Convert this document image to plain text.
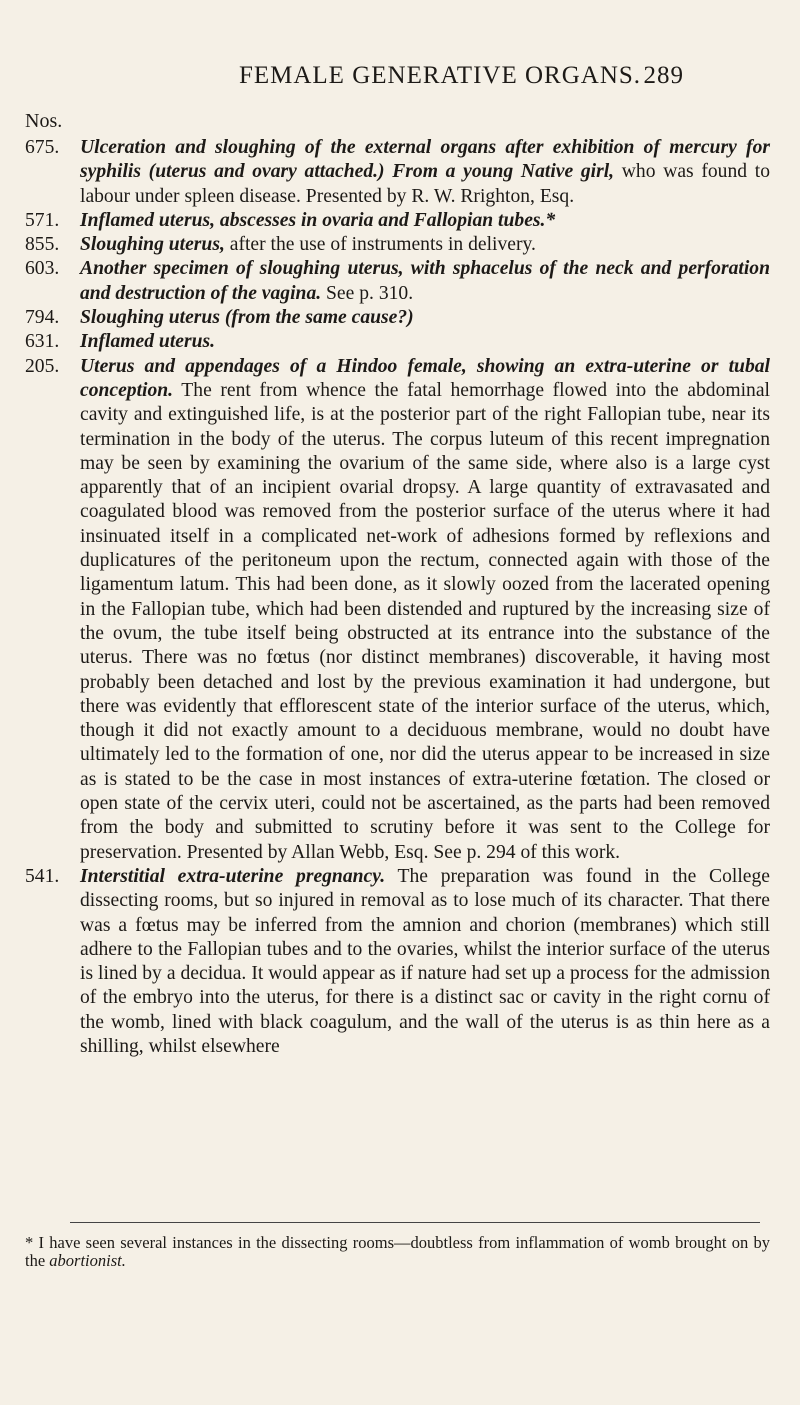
FEMALE GENERATIVE ORGANS. 289
Nos.
675.	Ulceration and sloughing of the external organs after exhibition of mercury for syphilis (uterus and ovary attached.) From a young Native girl, who was found to labour under spleen disease. Presented by R. W. Rrighton, Esq.
571.	Inflamed uterus, abscesses in ovaria and Fallopian tubes.*
855.	Sloughing uterus, after the use of instruments in delivery.
603.	Another specimen of sloughing uterus, with sphacelus of the neck and perforation and destruction of the vagina. See p. 310.
794.	Sloughing uterus (from the same cause?)
631.	Inflamed uterus.
205.	Uterus and appendages of a Hindoo female, showing an extra-uterine or tubal conception. The rent from whence the fatal hemorrhage flowed into the abdominal cavity and extinguished life, is at the posterior part of the right Fallopian tube, near its termination in the body of the uterus. The corpus luteum of this recent impregnation may be seen by examining the ovarium of the same side, where also is a large cyst apparently that of an incipient ovarial dropsy. A large quantity of extravasated and coagulated blood was removed from the posterior surface of the uterus where it had insinuated itself in a complicated net-work of adhesions formed by reflexions and duplicatures of the peritoneum upon the rectum, connected again with those of the ligamentum latum. This had been done, as it slowly oozed from the lacerated opening in the Fallopian tube, which had been distended and ruptured by the increasing size of the ovum, the tube itself being obstructed at its entrance into the substance of the uterus. There was no fœtus (nor distinct membranes) discoverable, it having most probably been detached and lost by the previous examination it had undergone, but there was evidently that efflorescent state of the interior surface of the uterus, which, though it did not exactly amount to a deciduous membrane, would no doubt have ultimately led to the formation of one, nor did the uterus appear to be increased in size as is stated to be the case in most instances of extra-uterine fœtation. The closed or open state of the cervix uteri, could not be ascertained, as the parts had been removed from the body and submitted to scrutiny before it was sent to the College for preservation. Presented by Allan Webb, Esq. See p. 294 of this work.
541.	Interstitial extra-uterine pregnancy. The preparation was found in the College dissecting rooms, but so injured in removal as to lose much of its character. That there was a fœtus may be inferred from the amnion and chorion (membranes) which still adhere to the Fallopian tubes and to the ovaries, whilst the interior surface of the uterus is lined by a decidua. It would appear as if nature had set up a process for the admission of the embryo into the uterus, for there is a distinct sac or cavity in the right cornu of the womb, lined with black coagulum, and the wall of the uterus is as thin here as a shilling, whilst elsewhere
* I have seen several instances in the dissecting rooms—doubtless from inflammation of womb brought on by the abortionist.
